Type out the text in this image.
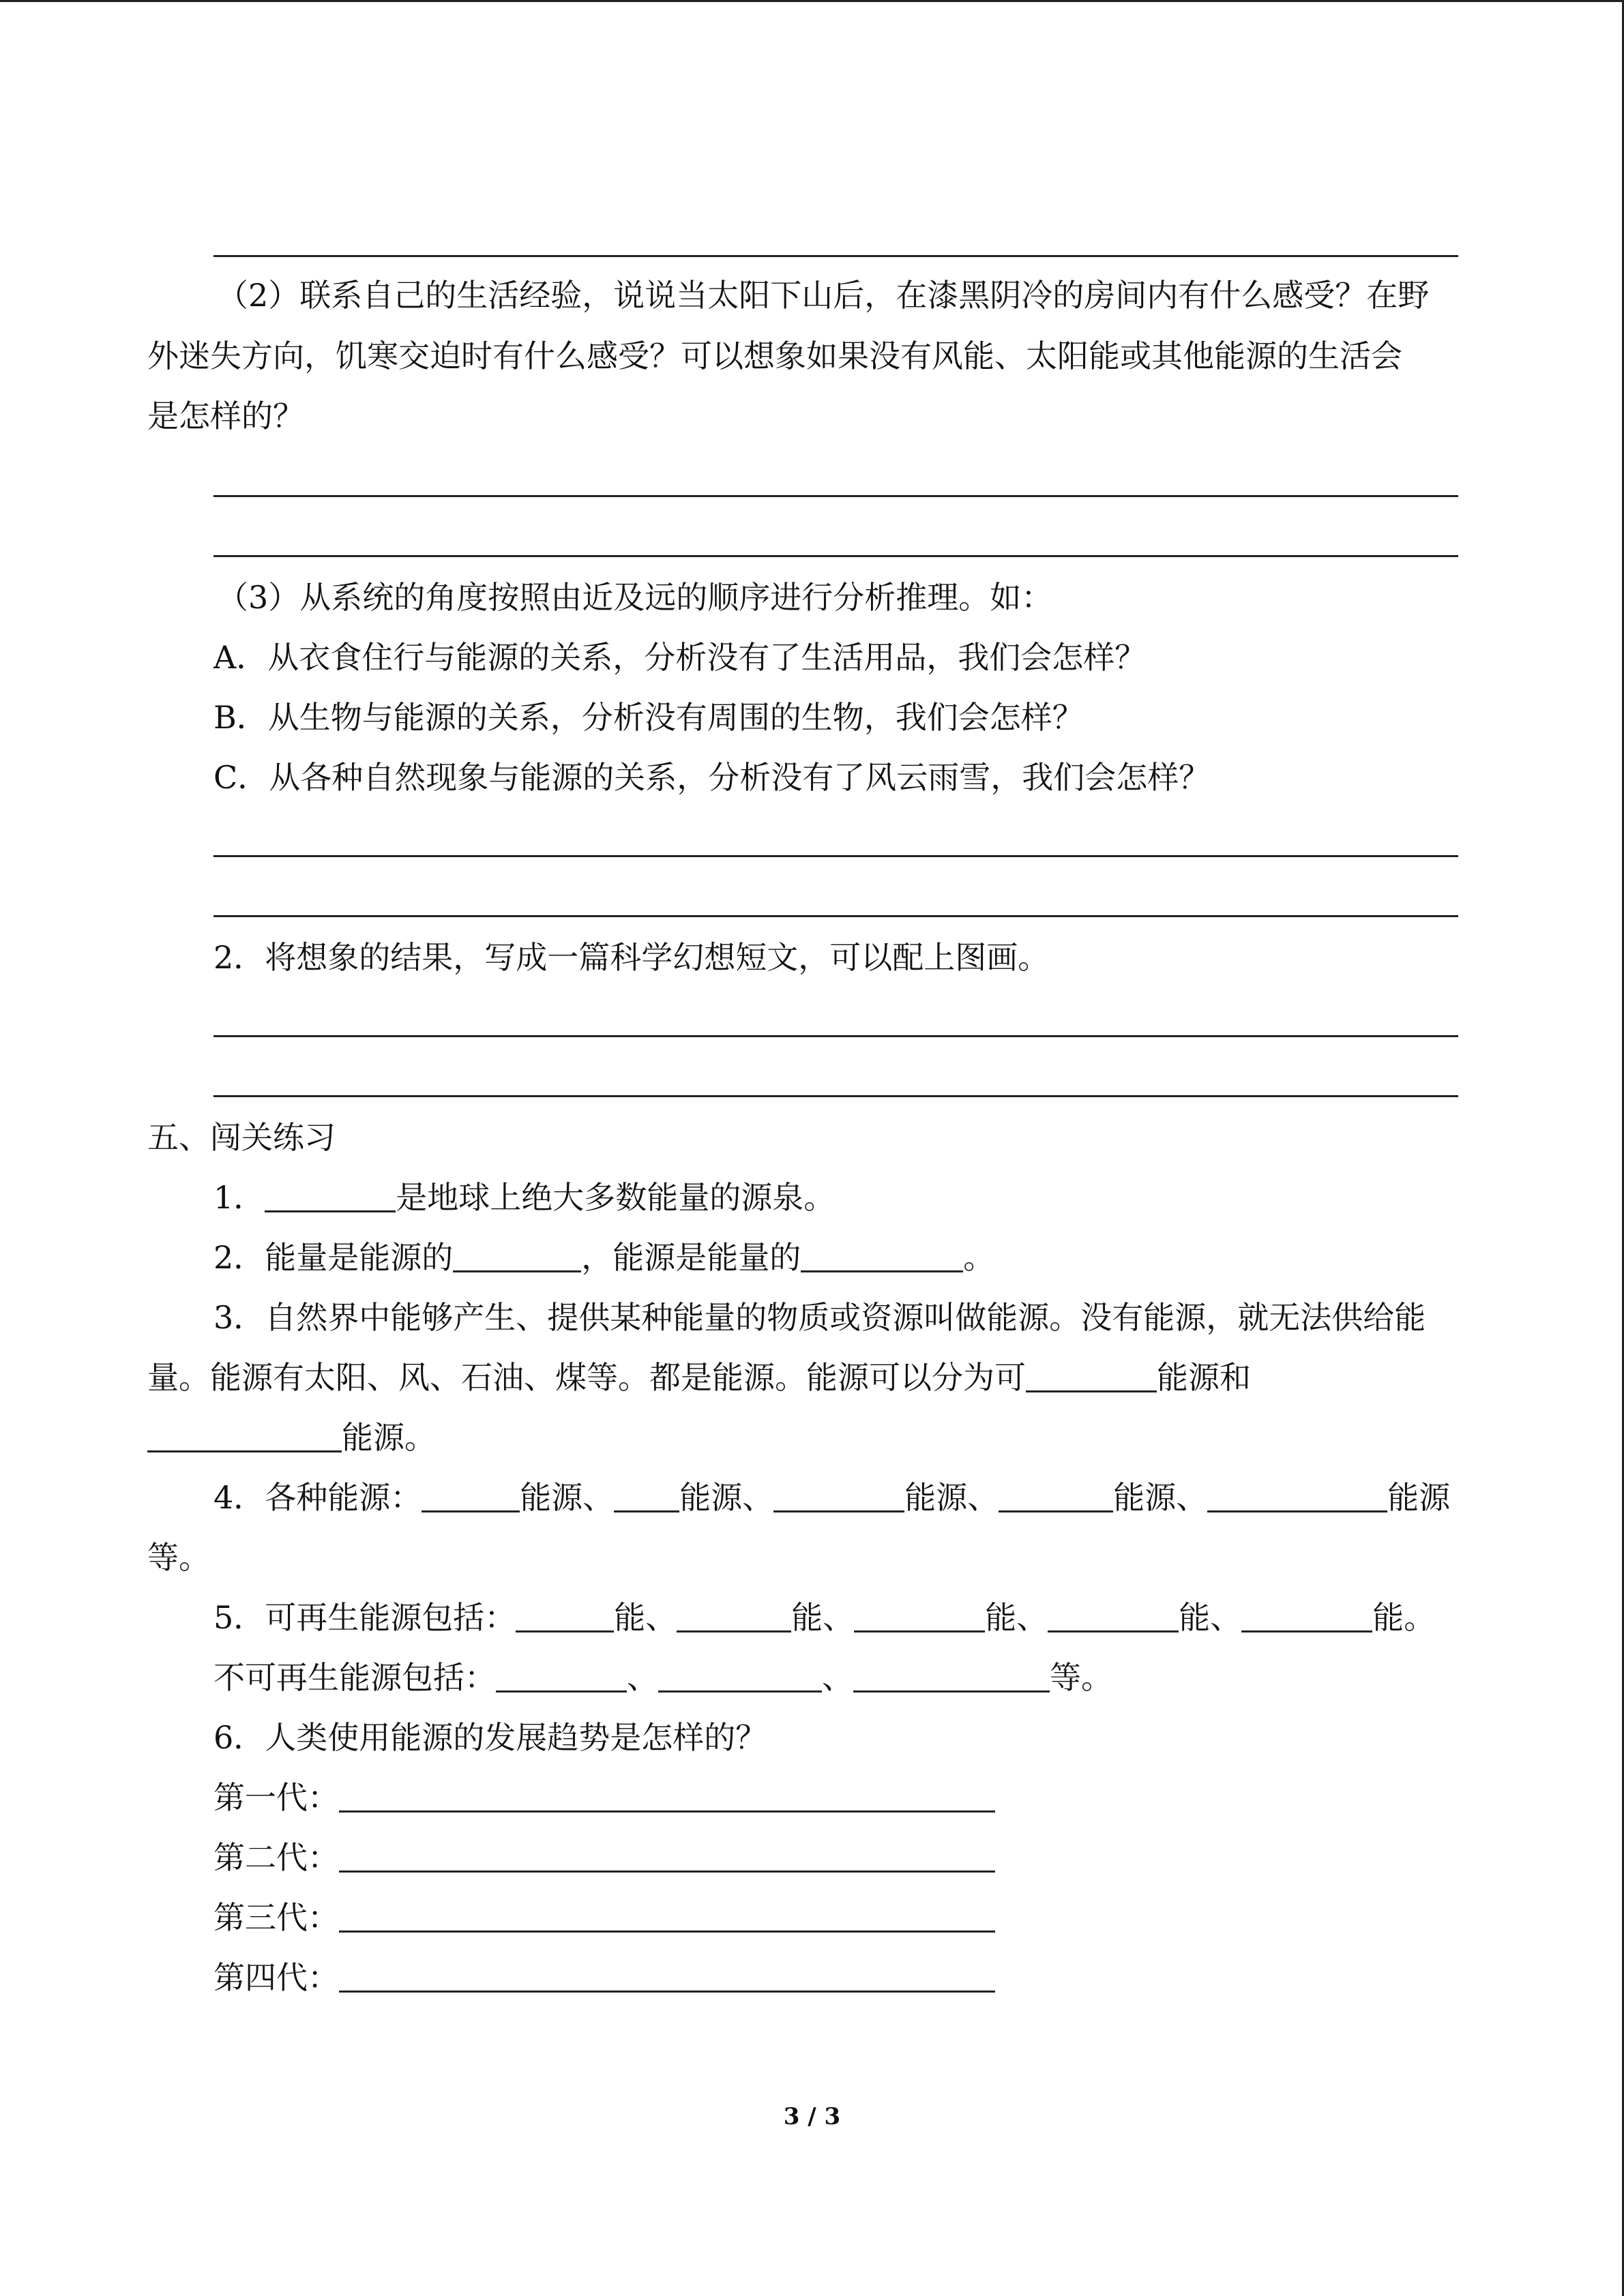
（2）联系自己的生活经验，说说当太阳下山后，在漆黑阴冷的房间内有什么感受？在野
外迷失方向，饥寒交迫时有什么感受？可以想象如果没有风能、太阳能或其他能源的生活会
是怎样的？
（3）从系统的角度按照由近及远的顺序进行分析推理。如：
A．从衣食住行与能源的关系，分析没有了生活用品，我们会怎样？
B．从生物与能源的关系，分析没有周围的生物，我们会怎样？
C．从各种自然现象与能源的关系，分析没有了风云雨雪，我们会怎样？
2．将想象的结果，写成一篇科学幻想短文，可以配上图画。
五、闯关练习
1．	是地球上绝大多数能量的源泉。
2．能量是能源的	，能源是能量的	。
3．自然界中能够产生、提供某种能量的物质或资源叫做能源。没有能源，就无法供给能
量。能源有太阳、风、石油、煤等。都是能源。能源可以分为可	能源和
能源。
4．各种能源：	能源、 能源、	能源、	能源、	能源
等。
5．可再生能源包括：	能、	能、	能、	能、	能。
不可再生能源包括：	、	、	等。
6．人类使用能源的发展趋势是怎样的？
第一代：
第二代：
第三代：
第四代：
3 / 3
